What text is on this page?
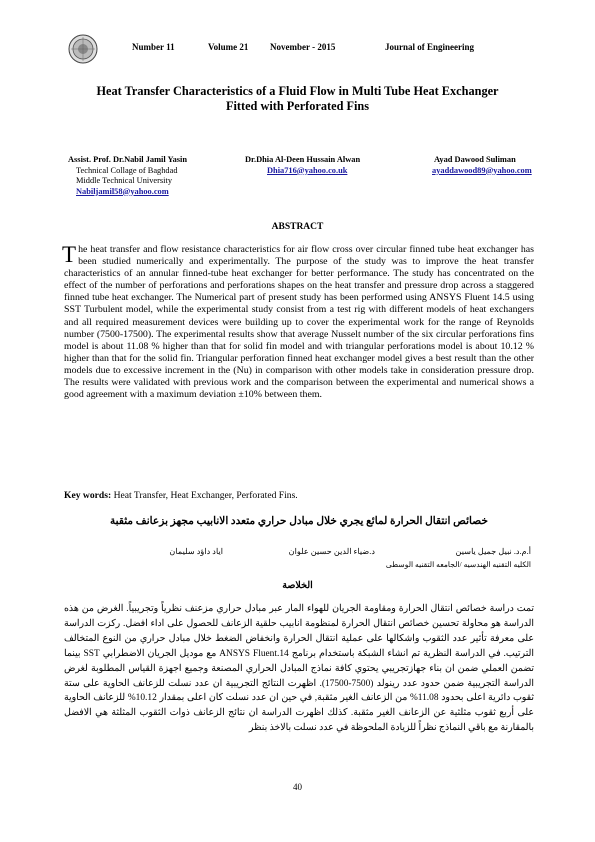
Number 11	Volume 21 November - 2015	Journal of Engineering
Heat Transfer Characteristics of a Fluid Flow in Multi Tube Heat Exchanger
Fitted with Perforated Fins
Assist. Prof. Dr.Nabil Jamil Yasin
Technical Collage of Baghdad
Middle Technical University
Nabiljamil58@yahoo.com
Dr.Dhia Al-Deen Hussain Alwan
Dhia716@yahoo.co.uk
Ayad Dawood Suliman
ayaddawood89@yahoo.com
ABSTRACT
The heat transfer and flow resistance characteristics for air flow cross over circular finned tube heat exchanger has been studied numerically and experimentally. The purpose of the study was to improve the heat transfer characteristics of an annular finned-tube heat exchanger for better performance. The study has concentrated on the effect of the number of perforations and perforations shapes on the heat transfer and pressure drop across a staggered finned tube heat exchanger. The Numerical part of present study has been performed using ANSYS Fluent 14.5 using SST Turbulent model, while the experimental study consist from a test rig with different models of heat exchangers and all required measurement devices were building up to cover the experimental work for the range of Reynolds number (7500-17500). The experimental results show that average Nusselt number of the six circular perforations fins model is about 11.08 % higher than that for solid fin model and with triangular perforations model is about 10.12 % higher than that for the solid fin. Triangular perforation finned heat exchanger model gives a best result than the other models due to excessive increment in the (Nu) in comparison with other models take in consideration pressure drop. The results were validated with previous work and the comparison between the experimental and numerical shows a good agreement with a maximum deviation ±10% between them.
Key words: Heat Transfer, Heat Exchanger, Perforated Fins.
خصائص انتقال الحرارة لمائع يجري خلال مبادل حراري متعدد الانابيب مجهز بزعانف مثقبة
أ.م.د. نبيل جميل ياسين
د.ضياء الدين حسين علوان
اياد داؤد سليمان
الكليه التقنيه الهندسيه /الجامعه التقنيه الوسطى
الخلاصة
تمت دراسة خصائص انتقال الحرارة ومقاومة الجريان للهواء المار عبر مبادل حراري مزعنف نظرياً وتجريبياً. الغرض من هذه الدراسة هو محاولة تحسين خصائص انتقال الحرارة لمنظومة انابيب حلقية الزعانف للحصول على اداء افضل. ركزت الدراسة على معرفة تأثير عدد الثقوب واشكالها على عملية انتقال الحرارة وانخفاض الضغط خلال مبادل حراري من النوع المتخالف الترتيب. في الدراسة النظرية تم انشاء الشبكة باستخدام برنامج ANSYS Fluent.14 مع موديل الجريان الاضطرابي SST بينما تضمن العملي ضمن ان بناء جهازتجريبي يحتوي كافة نماذج المبادل الحراري المصنعة وجميع اجهزة القياس المطلوبة لغرض الدراسة التجريبية ضمن حدود عدد رينولد (7500-17500). اظهرت النتائج التجريبية ان عدد نسلت للزعانف الحاوية على ستة ثقوب دائرية اعلى بحدود 11.08% من الزعانف الغير مثقبة, في حين ان عدد نسلت كان اعلى بمقدار 10.12% للزعانف الحاوية على أربع ثقوب مثلثية عن الزعانف الغير مثقبة. كذلك اظهرت الدراسة ان نتائج الزعانف ذوات الثقوب المثلثة هي الافضل بالمقارنة مع باقي النماذج نظراً للزيادة الملحوظة في عدد نسلت بالاخذ بنظر
40
